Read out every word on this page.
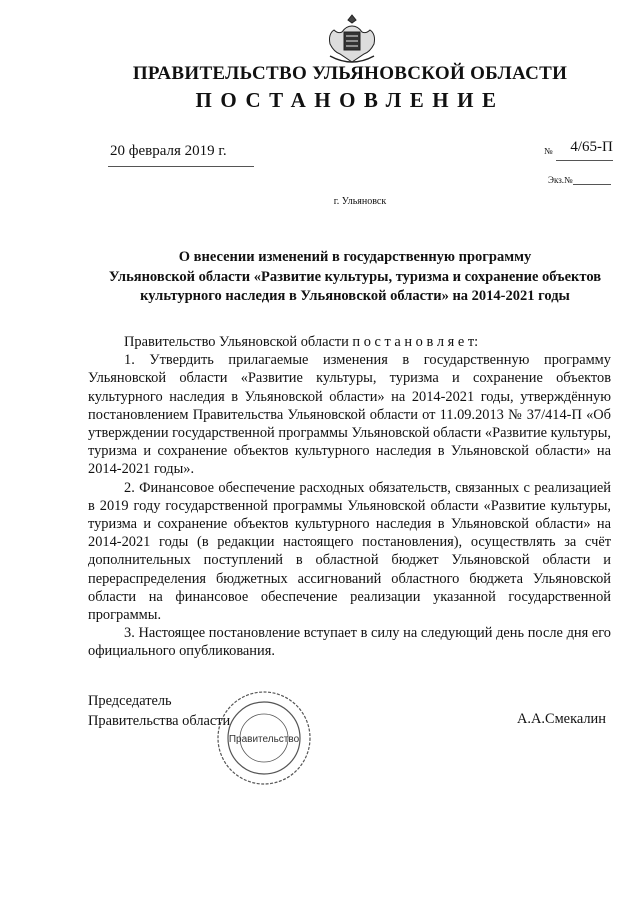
ПРАВИТЕЛЬСТВО УЛЬЯНОВСКОЙ ОБЛАСТИ
ПОСТАНОВЛЕНИЕ
20 февраля 2019 г.	№ 4/65-П
Экз.№
г. Ульяновск
О внесении изменений в государственную программу
Ульяновской области «Развитие культуры, туризма и сохранение объектов
культурного наследия в Ульяновской области» на 2014-2021 годы

Правительство Ульяновской области п о с т а н о в л я е т:

1. Утвердить прилагаемые изменения в государственную программу Ульяновской области «Развитие культуры, туризма и сохранение объектов культурного наследия в Ульяновской области» на 2014-2021 годы, утверждённую постановлением Правительства Ульяновской области от 11.09.2013 № 37/414-П «Об утверждении государственной программы Ульяновской области «Развитие культуры, туризма и сохранение объектов культурного наследия в Ульяновской области» на 2014-2021 годы».

2. Финансовое обеспечение расходных обязательств, связанных с реализацией в 2019 году государственной программы Ульяновской области «Развитие культуры, туризма и сохранение объектов культурного наследия в Ульяновской области» на 2014-2021 годы (в редакции настоящего постановления), осуществлять за счёт дополнительных поступлений в областной бюджет Ульяновской области и перераспределения бюджетных ассигнований областного бюджета Ульяновской области на финансовое обеспечение реализации указанной государственной программы.

3. Настоящее постановление вступает в силу на следующий день после дня его официального опубликования.

Председатель
Правительства области
Правительство
А.А.Смекалин
